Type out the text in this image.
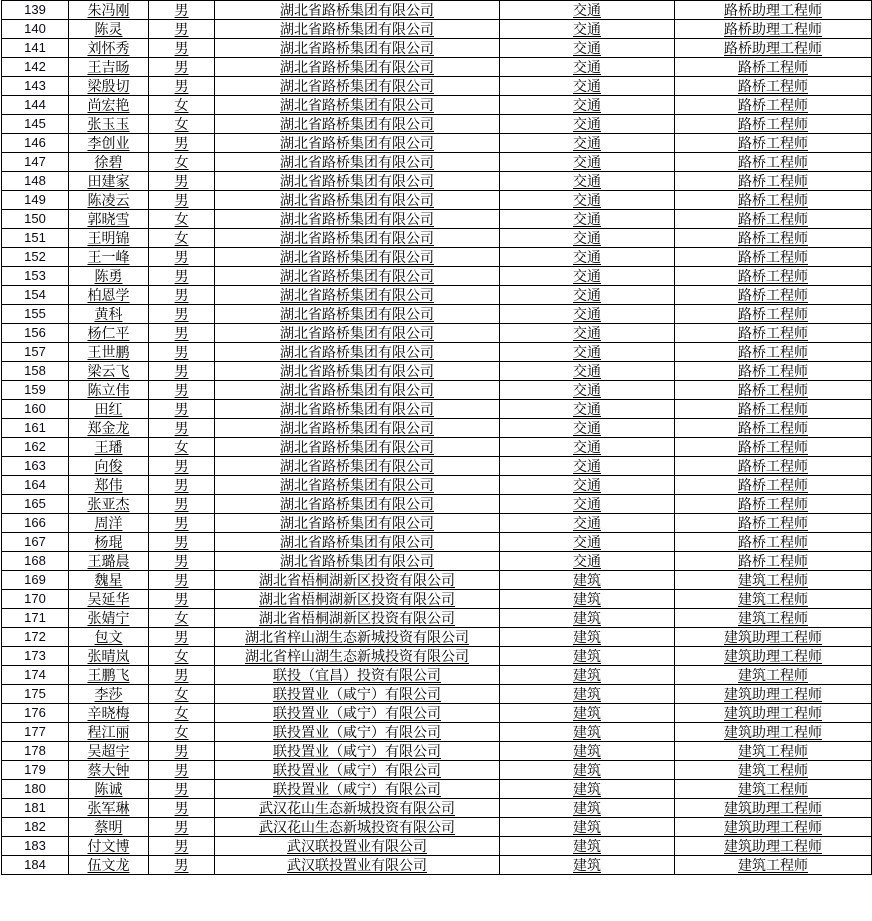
139	朱冯刚	男	湖北省路桥集团有限公司	交通	路桥助理工程师
140	陈灵	男	湖北省路桥集团有限公司	交通	路桥助理工程师
141	刘怀秀	男	湖北省路桥集团有限公司	交通	路桥助理工程师
142	王吉旸	男	湖北省路桥集团有限公司	交通	路桥工程师
143	梁殷切	男	湖北省路桥集团有限公司	交通	路桥工程师
144	尚宏艳	女	湖北省路桥集团有限公司	交通	路桥工程师
145	张玉玉	女	湖北省路桥集团有限公司	交通	路桥工程师
146	李创业	男	湖北省路桥集团有限公司	交通	路桥工程师
147	徐碧	女	湖北省路桥集团有限公司	交通	路桥工程师
148	田建家	男	湖北省路桥集团有限公司	交通	路桥工程师
149	陈凌云	男	湖北省路桥集团有限公司	交通	路桥工程师
150	郭晓雪	女	湖北省路桥集团有限公司	交通	路桥工程师
151	王明锦	女	湖北省路桥集团有限公司	交通	路桥工程师
152	王一峰	男	湖北省路桥集团有限公司	交通	路桥工程师
153	陈勇	男	湖北省路桥集团有限公司	交通	路桥工程师
154	柏恩学	男	湖北省路桥集团有限公司	交通	路桥工程师
155	黄科	男	湖北省路桥集团有限公司	交通	路桥工程师
156	杨仁平	男	湖北省路桥集团有限公司	交通	路桥工程师
157	王世鹏	男	湖北省路桥集团有限公司	交通	路桥工程师
158	梁云飞	男	湖北省路桥集团有限公司	交通	路桥工程师
159	陈立伟	男	湖北省路桥集团有限公司	交通	路桥工程师
160	田红	男	湖北省路桥集团有限公司	交通	路桥工程师
161	郑金龙	男	湖北省路桥集团有限公司	交通	路桥工程师
162	王璠	女	湖北省路桥集团有限公司	交通	路桥工程师
163	向俊	男	湖北省路桥集团有限公司	交通	路桥工程师
164	郑伟	男	湖北省路桥集团有限公司	交通	路桥工程师
165	张亚杰	男	湖北省路桥集团有限公司	交通	路桥工程师
166	周洋	男	湖北省路桥集团有限公司	交通	路桥工程师
167	杨琨	男	湖北省路桥集团有限公司	交通	路桥工程师
168	王璐晨	男	湖北省路桥集团有限公司	交通	路桥工程师
169	魏星	男	湖北省梧桐湖新区投资有限公司	建筑	建筑工程师
170	吴延华	男	湖北省梧桐湖新区投资有限公司	建筑	建筑工程师
171	张婧宁	女	湖北省梧桐湖新区投资有限公司	建筑	建筑工程师
172	包文	男	湖北省梓山湖生态新城投资有限公司	建筑	建筑助理工程师
173	张晴岚	女	湖北省梓山湖生态新城投资有限公司	建筑	建筑助理工程师
174	王鹏飞	男	联投（宜昌）投资有限公司	建筑	建筑工程师
175	李莎	女	联投置业（咸宁）有限公司	建筑	建筑助理工程师
176	辛晓梅	女	联投置业（咸宁）有限公司	建筑	建筑助理工程师
177	程江丽	女	联投置业（咸宁）有限公司	建筑	建筑助理工程师
178	吴超宇	男	联投置业（咸宁）有限公司	建筑	建筑工程师
179	蔡大钟	男	联投置业（咸宁）有限公司	建筑	建筑工程师
180	陈诚	男	联投置业（咸宁）有限公司	建筑	建筑工程师
181	张军琳	男	武汉花山生态新城投资有限公司	建筑	建筑助理工程师
182	蔡明	男	武汉花山生态新城投资有限公司	建筑	建筑助理工程师
183	付文博	男	武汉联投置业有限公司	建筑	建筑助理工程师
184	伍文龙	男	武汉联投置业有限公司	建筑	建筑工程师
